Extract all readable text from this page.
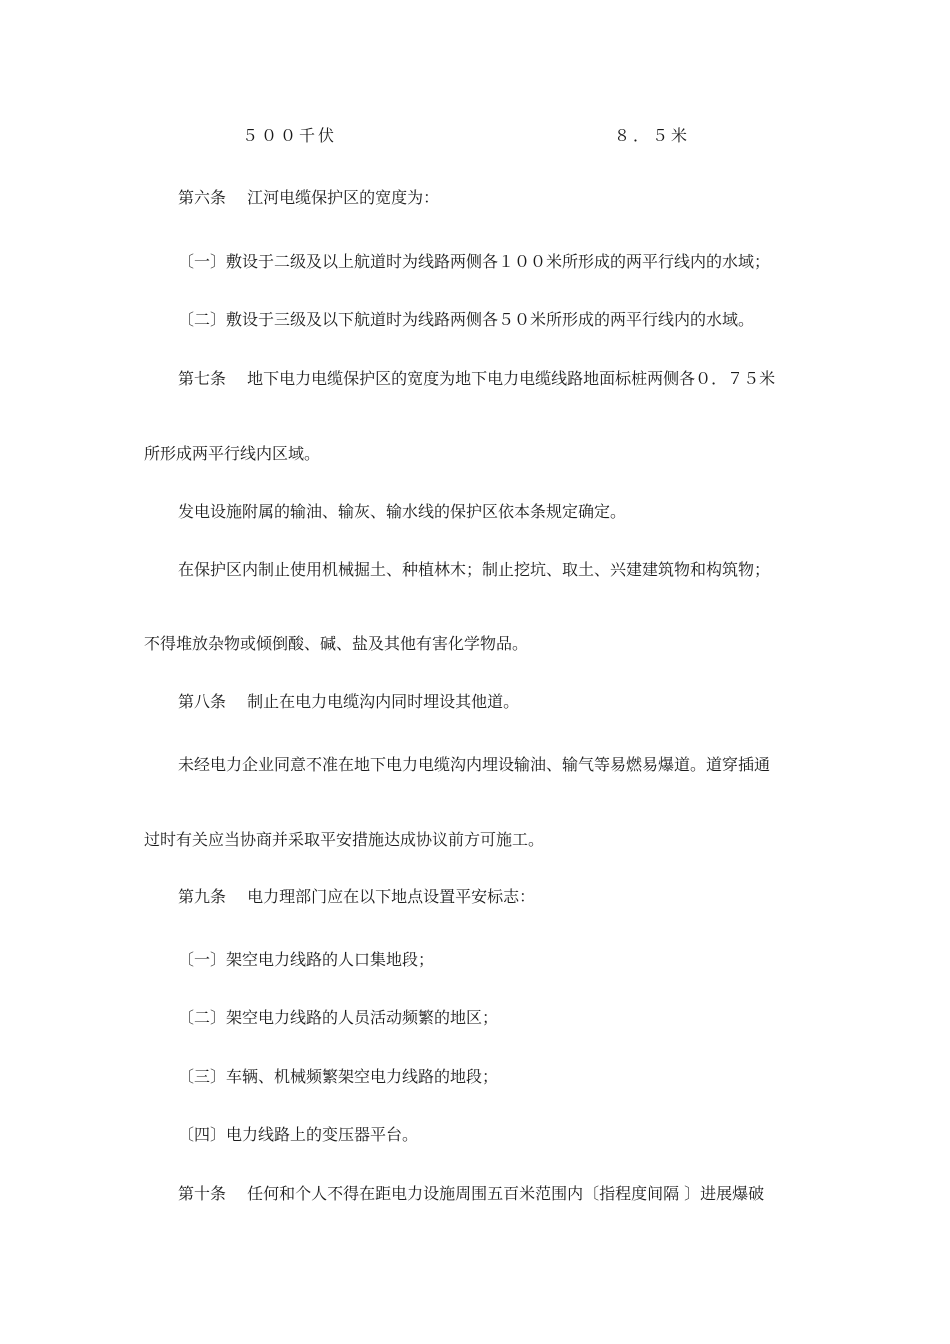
５００千伏	８．５米
第六条　 江河电缆保护区的宽度为：
〔一〕敷设于二级及以上航道时为线路两侧各１００米所形成的两平行线内的水域；
〔二〕敷设于三级及以下航道时为线路两侧各５０米所形成的两平行线内的水域。
第七条　 地下电力电缆保护区的宽度为地下电力电缆线路地面标桩两侧各０．７５米
所形成两平行线内区域。
发电设施附属的输油、输灰、输水线的保护区依本条规定确定。
在保护区内制止使用机械掘土、种植林木；制止挖坑、取土、兴建建筑物和构筑物；
不得堆放杂物或倾倒酸、碱、盐及其他有害化学物品。
第八条　 制止在电力电缆沟内同时埋设其他道。
未经电力企业同意不准在地下电力电缆沟内埋设输油、输气等易燃易爆道。道穿插通
过时有关应当协商并采取平安措施达成协议前方可施工。
第九条　 电力理部门应在以下地点设置平安标志：
〔一〕架空电力线路的人口集地段；
〔二〕架空电力线路的人员活动频繁的地区；
〔三〕车辆、机械频繁架空电力线路的地段；
〔四〕电力线路上的变压器平台。
第十条　 任何和个人不得在距电力设施周围五百米范围内〔指程度间隔 〕进展爆破
